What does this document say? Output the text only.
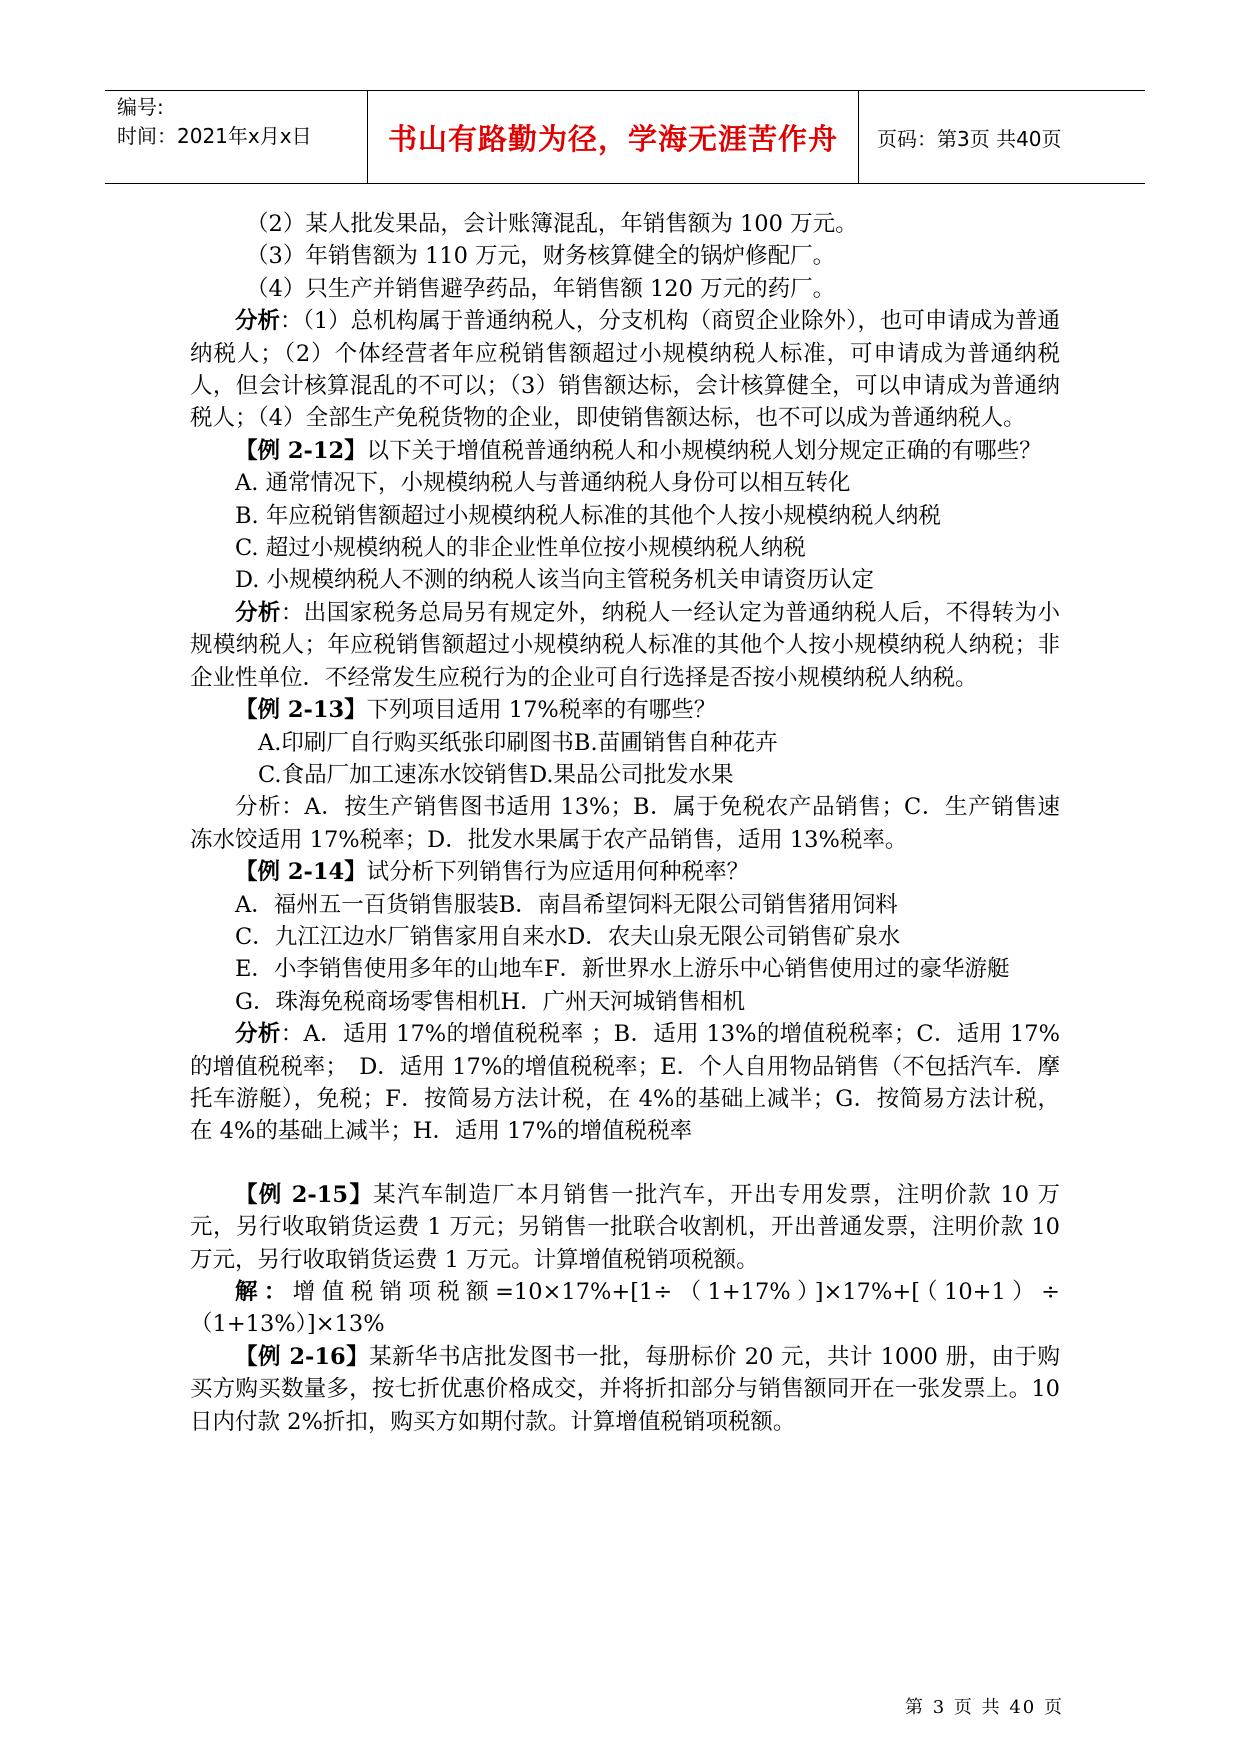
编号:
时间：2021年x月x日	书山有路勤为径，学海无涯苦作舟	页码：第3页 共40页

（2）某人批发果品，会计账簿混乱，年销售额为 100 万元。

（3）年销售额为 110 万元，财务核算健全的锅炉修配厂。

（4）只生产并销售避孕药品，年销售额 120 万元的药厂。

分析：（1）总机构属于普通纳税人，分支机构（商贸企业除外），也可申请成为普通纳税人；（2）个体经营者年应税销售额超过小规模纳税人标准，可申请成为普通纳税人，但会计核算混乱的不可以；（3）销售额达标，会计核算健全，可以申请成为普通纳税人；（4）全部生产免税货物的企业，即使销售额达标，也不可以成为普通纳税人。

【例 2-12】以下关于增值税普通纳税人和小规模纳税人划分规定正确的有哪些？

A. 通常情况下，小规模纳税人与普通纳税人身份可以相互转化

B. 年应税销售额超过小规模纳税人标准的其他个人按小规模纳税人纳税

C. 超过小规模纳税人的非企业性单位按小规模纳税人纳税

D. 小规模纳税人不测的纳税人该当向主管税务机关申请资历认定

分析：出国家税务总局另有规定外，纳税人一经认定为普通纳税人后，不得转为小规模纳税人；年应税销售额超过小规模纳税人标准的其他个人按小规模纳税人纳税；非企业性单位．不经常发生应税行为的企业可自行选择是否按小规模纳税人纳税。

【例 2-13】下列项目适用 17%税率的有哪些？

A.印刷厂自行购买纸张印刷图书B.苗圃销售自种花卉

C.食品厂加工速冻水饺销售D.果品公司批发水果

分析：A．按生产销售图书适用 13%；B．属于免税农产品销售；C．生产销售速冻水饺适用 17%税率；D．批发水果属于农产品销售，适用 13%税率。

【例 2-14】试分析下列销售行为应适用何种税率？

A．福州五一百货销售服装B．南昌希望饲料无限公司销售猪用饲料

C．九江江边水厂销售家用自来水D．农夫山泉无限公司销售矿泉水

E．小李销售使用多年的山地车F．新世界水上游乐中心销售使用过的豪华游艇

G．珠海免税商场零售相机H．广州天河城销售相机

分析：A．适用 17%的增值税税率 ；B．适用 13%的增值税税率；C．适用 17%的增值税税率；　D．适用 17%的增值税税率；E．个人自用物品销售（不包括汽车．摩托车游艇），免税；F．按简易方法计税，在 4%的基础上减半；G．按简易方法计税，在 4%的基础上减半；H．适用 17%的增值税税率

【例 2-15】某汽车制造厂本月销售一批汽车，开出专用发票，注明价款 10 万元，另行收取销货运费 1 万元；另销售一批联合收割机，开出普通发票，注明价款 10 万元，另行收取销货运费 1 万元。计算增值税销项税额。

解：增值税销项税额=10×17%+[1÷（1+17%）]×17%+[（10+1）÷（1+13%）]×13%

【例 2-16】某新华书店批发图书一批，每册标价 20 元，共计 1000 册，由于购买方购买数量多，按七折优惠价格成交，并将折扣部分与销售额同开在一张发票上。10 日内付款 2%折扣，购买方如期付款。计算增值税销项税额。

第 3 页 共 40 页
